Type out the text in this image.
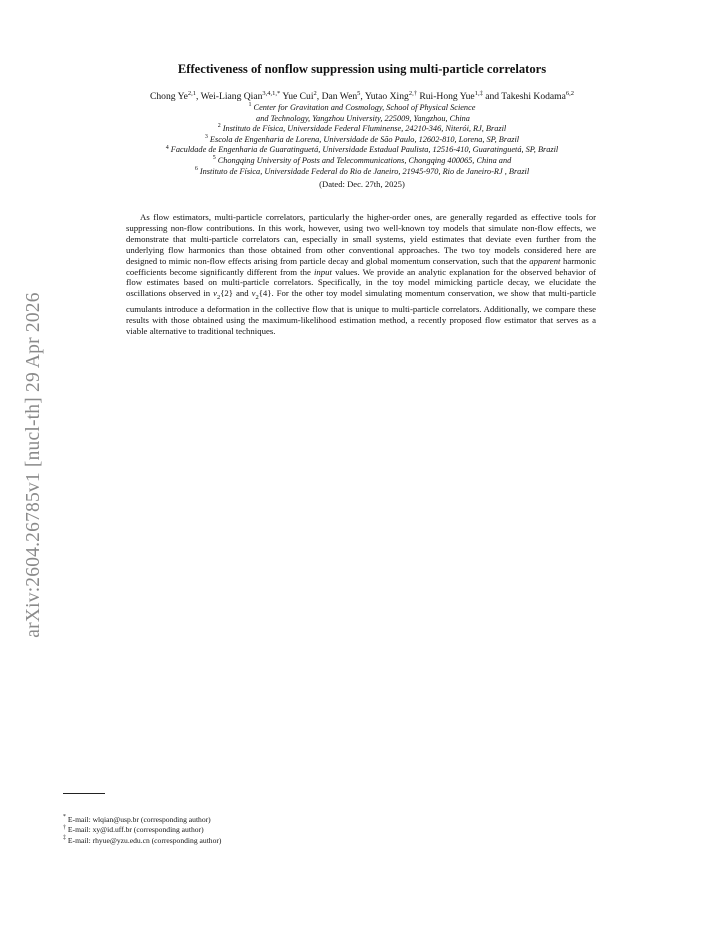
arXiv:2604.26785v1 [nucl-th] 29 Apr 2026
Effectiveness of nonflow suppression using multi-particle correlators
Chong Ye$^{2,1}$, Wei-Liang Qian$^{3,4,1,*}$ Yue Cui$^2$, Dan Wen$^5$, Yutao Xing$^{2,\dagger}$ Rui-Hong Yue$^{1,\ddagger}$ and Takeshi Kodama$^{6,2}$
$^1$ Center for Gravitation and Cosmology, School of Physical Science
and Technology, Yangzhou University, 225009, Yangzhou, China
$^2$ Instituto de Física, Universidade Federal Fluminense, 24210-346, Niterói, RJ, Brazil
$^3$ Escola de Engenharia de Lorena, Universidade de São Paulo, 12602-810, Lorena, SP, Brazil
$^4$ Faculdade de Engenharia de Guaratinguetá, Universidade Estadual Paulista, 12516-410, Guaratinguetá, SP, Brazil
$^5$ Chongqing University of Posts and Telecommunications, Chongqing 400065, China and
$^6$ Instituto de Física, Universidade Federal do Rio de Janeiro, 21945-970, Rio de Janeiro-RJ , Brazil
(Dated: Dec. 27th, 2025)

As flow estimators, multi-particle correlators, particularly the higher-order ones, are generally regarded as effective tools for suppressing non-flow contributions. In this work, however, using two well-known toy models that simulate non-flow effects, we demonstrate that multi-particle correlators can, especially in small systems, yield estimates that deviate even further from the underlying flow harmonics than those obtained from other conventional approaches. The two toy models considered here are designed to mimic non-flow effects arising from particle decay and global momentum conservation, such that the apparent harmonic coefficients become significantly different from the input values. We provide an analytic explanation for the observed behavior of flow estimates based on multi-particle correlators. Specifically, in the toy model mimicking particle decay, we elucidate the oscillations observed in $v_2\{2\}$ and $v_2\{4\}$. For the other toy model simulating momentum conservation, we show that multi-particle cumulants introduce a deformation in the collective flow that is unique to multi-particle correlators. Additionally, we compare these results with those obtained using the maximum-likelihood estimation method, a recently proposed flow estimator that serves as a viable alternative to traditional techniques.

* E-mail: wlqian@usp.br (corresponding author)
† E-mail: xy@id.uff.br (corresponding author)
‡ E-mail: rhyue@yzu.edu.cn (corresponding author)
